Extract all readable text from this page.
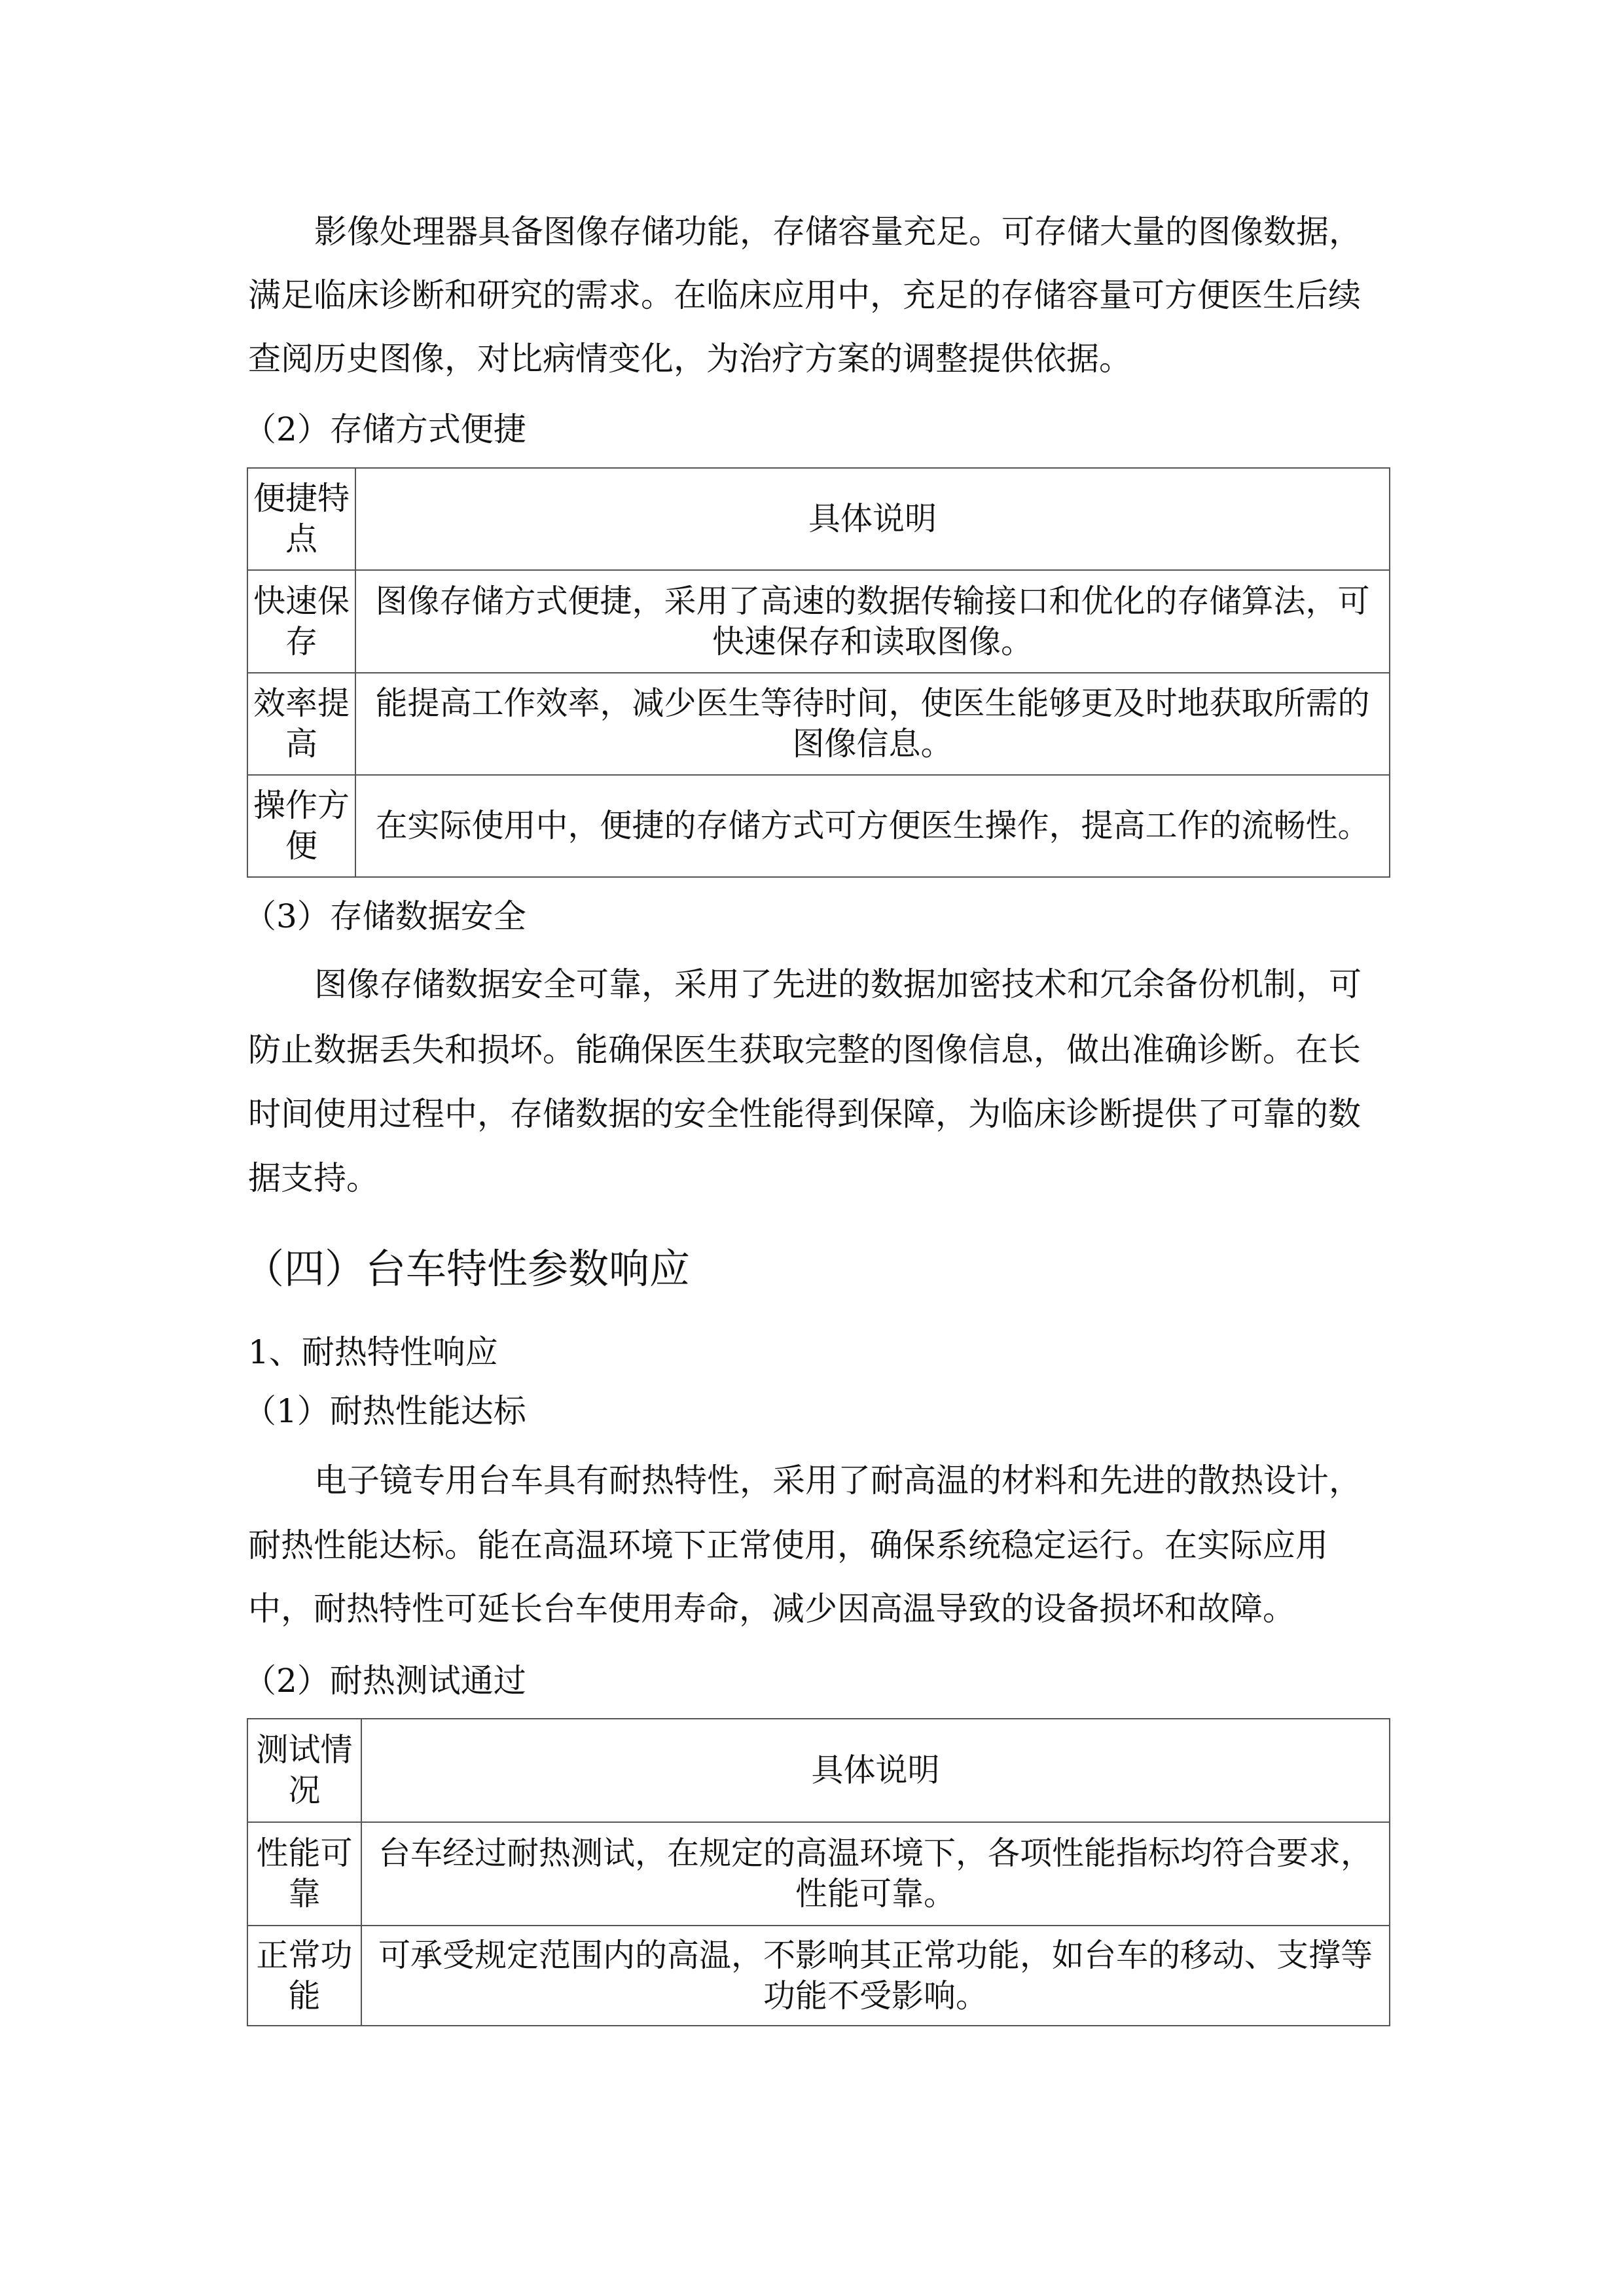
影像处理器具备图像存储功能，存储容量充足。可存储大量的图像数据，
满足临床诊断和研究的需求。在临床应用中，充足的存储容量可方便医生后续
查阅历史图像，对比病情变化，为治疗方案的调整提供依据。
（2）存储方式便捷
便捷特点	具体说明
快速保存	图像存储方式便捷，采用了高速的数据传输接口和优化的存储算法，可快速保存和读取图像。
效率提高	能提高工作效率，减少医生等待时间，使医生能够更及时地获取所需的图像信息。
操作方便	在实际使用中，便捷的存储方式可方便医生操作，提高工作的流畅性。
（3）存储数据安全
图像存储数据安全可靠，采用了先进的数据加密技术和冗余备份机制，可
防止数据丢失和损坏。能确保医生获取完整的图像信息，做出准确诊断。在长
时间使用过程中，存储数据的安全性能得到保障，为临床诊断提供了可靠的数
据支持。
（四）台车特性参数响应
1、耐热特性响应
（1）耐热性能达标
电子镜专用台车具有耐热特性，采用了耐高温的材料和先进的散热设计，
耐热性能达标。能在高温环境下正常使用，确保系统稳定运行。在实际应用
中，耐热特性可延长台车使用寿命，减少因高温导致的设备损坏和故障。
（2）耐热测试通过
测试情况	具体说明
性能可靠	台车经过耐热测试，在规定的高温环境下，各项性能指标均符合要求，性能可靠。
正常功能	可承受规定范围内的高温，不影响其正常功能，如台车的移动、支撑等功能不受影响。
